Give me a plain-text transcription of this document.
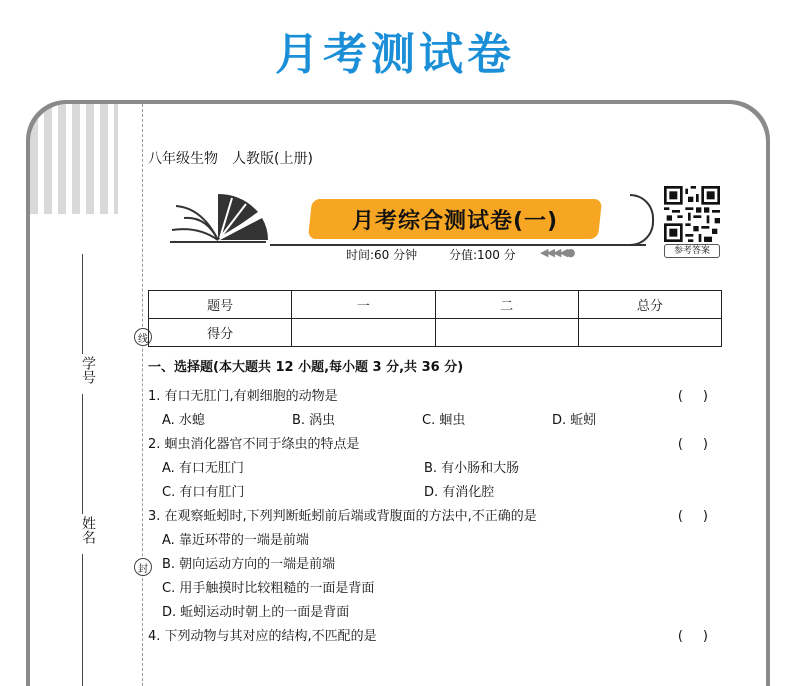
月考测试卷
学号
姓名
线
封
八年级生物　人教版(上册)
月考综合测试卷(一)
时间:60 分钟	分值:100 分	◀◀◀◀●	参考答案
题号	一	二	总分
得分			
一、选择题(本大题共 12 小题,每小题 3 分,共 36 分)
1. 有口无肛门,有刺细胞的动物是	()
A. 水螅	B. 涡虫	C. 蛔虫	D. 蚯蚓
2. 蛔虫消化器官不同于绦虫的特点是	()
A. 有口无肛门	B. 有小肠和大肠
C. 有口有肛门	D. 有消化腔
3. 在观察蚯蚓时,下列判断蚯蚓前后端或背腹面的方法中,不正确的是	()
A. 靠近环带的一端是前端
B. 朝向运动方向的一端是前端
C. 用手触摸时比较粗糙的一面是背面
D. 蚯蚓运动时朝上的一面是背面
4. 下列动物与其对应的结构,不匹配的是	()
